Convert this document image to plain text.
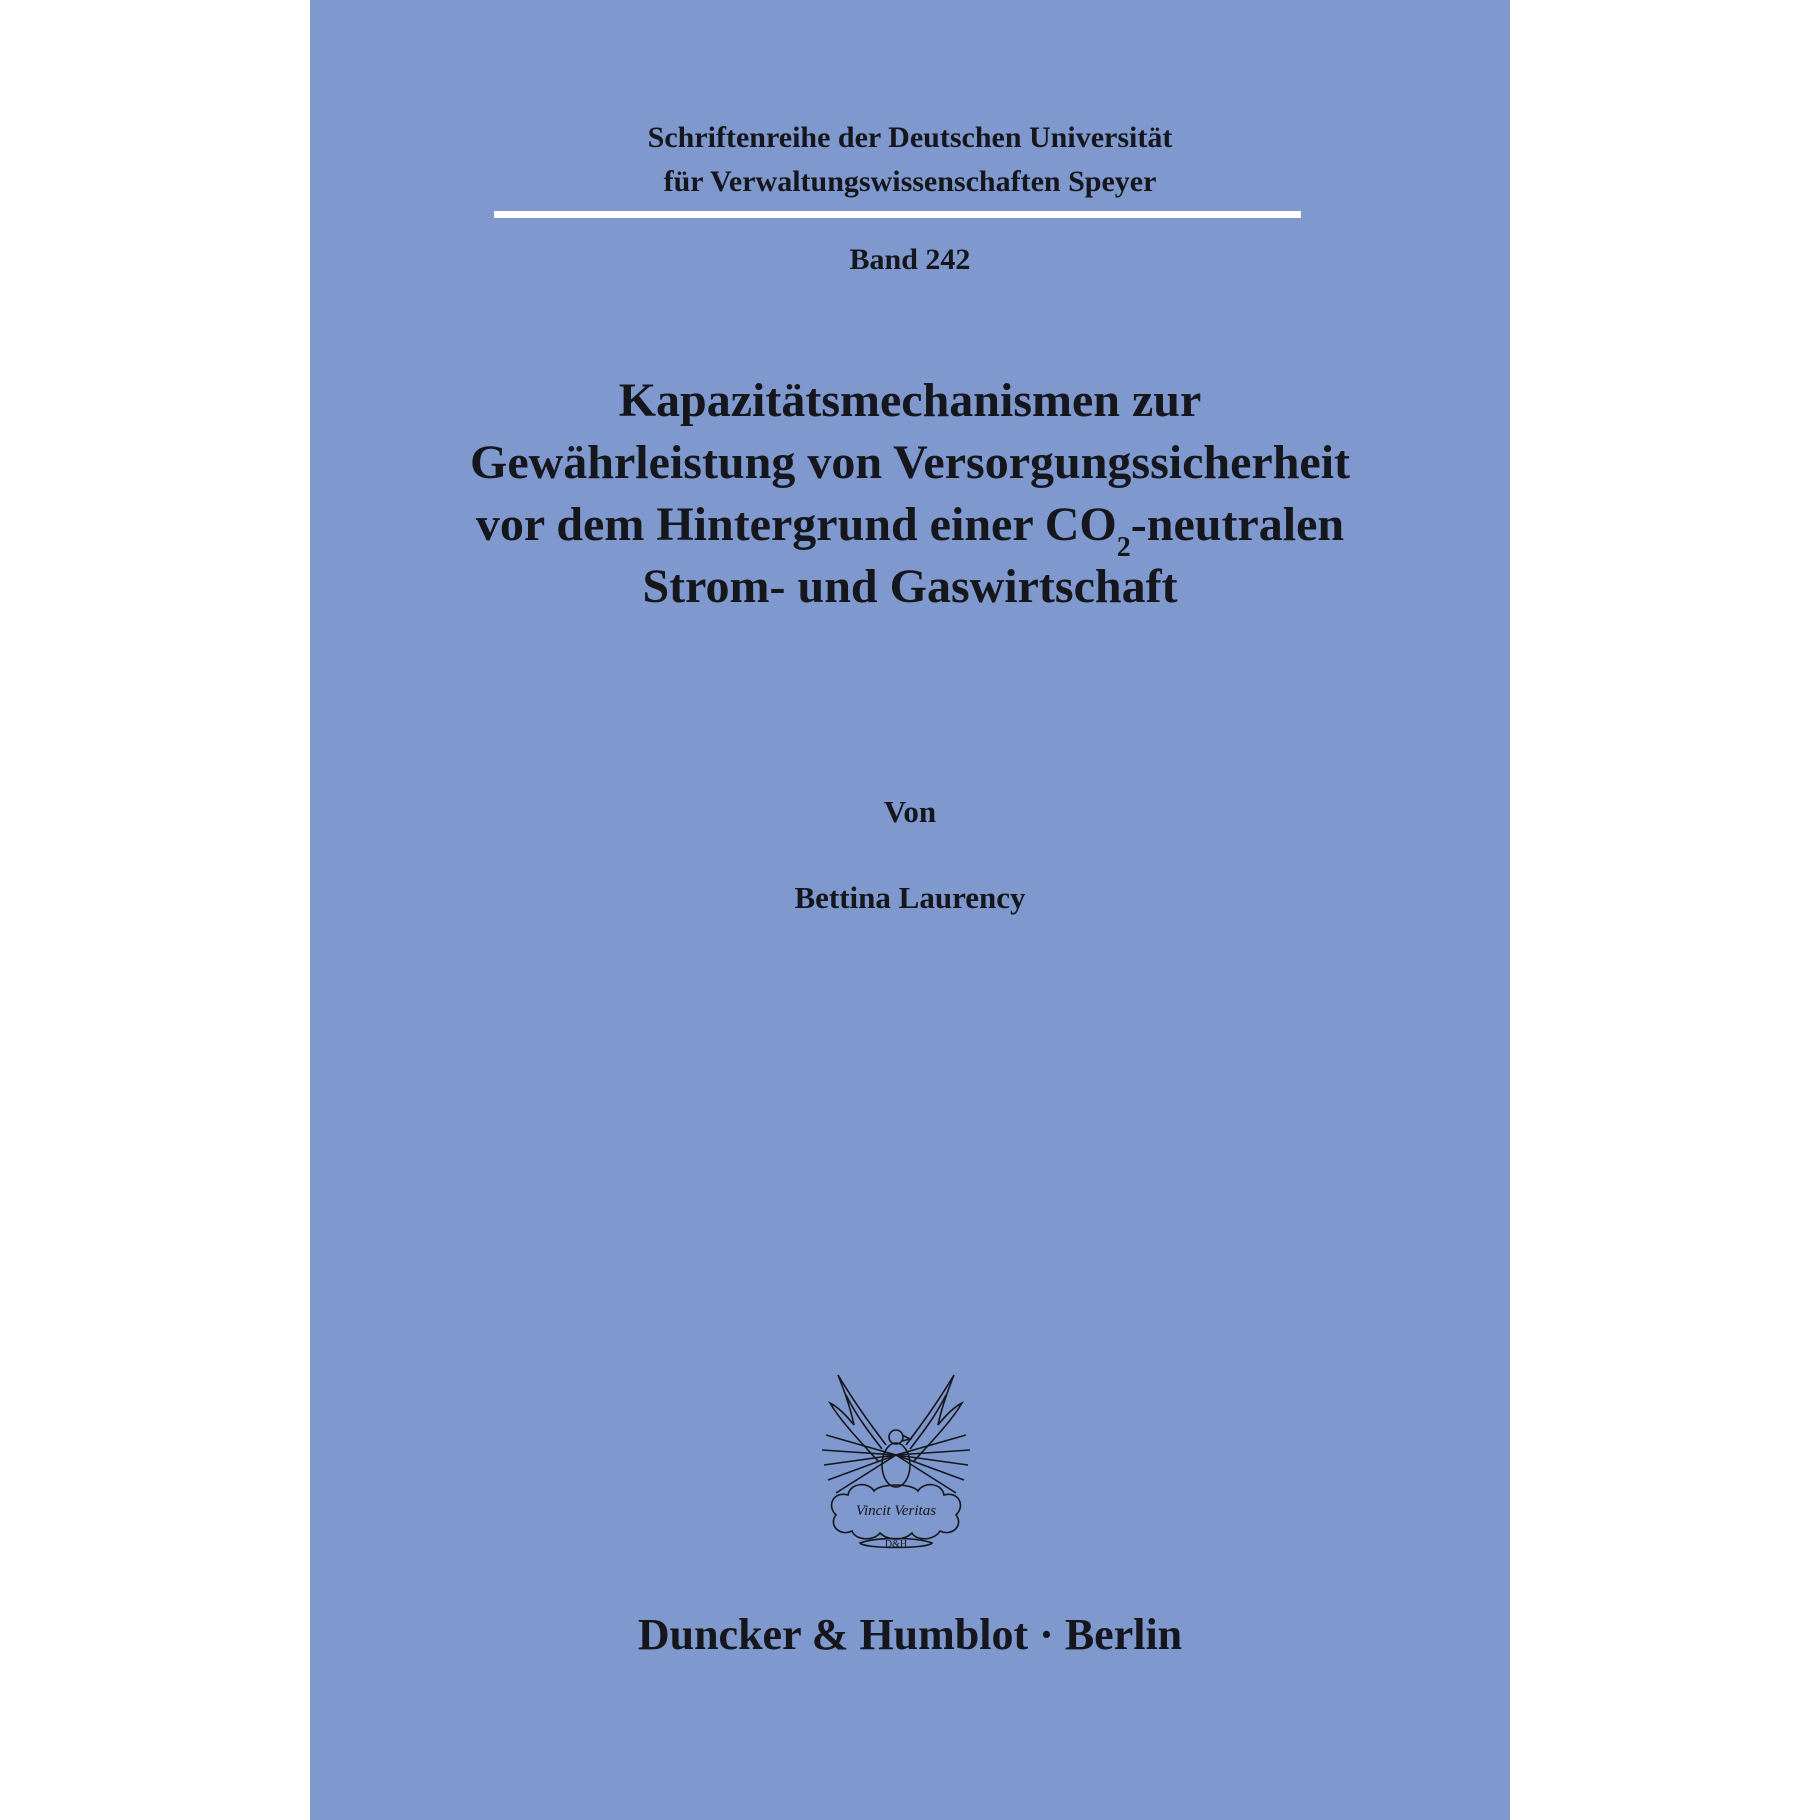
Schriftenreihe der Deutschen Universität
für Verwaltungswissenschaften Speyer
Band 242
Kapazitätsmechanismen zur
Gewährleistung von Versorgungssicherheit
vor dem Hintergrund einer $CO_2$-neutralen
Strom- und Gaswirtschaft
Von
Bettina Laurency
Vincit Veritas
D&H
Duncker & Humblot · Berlin
